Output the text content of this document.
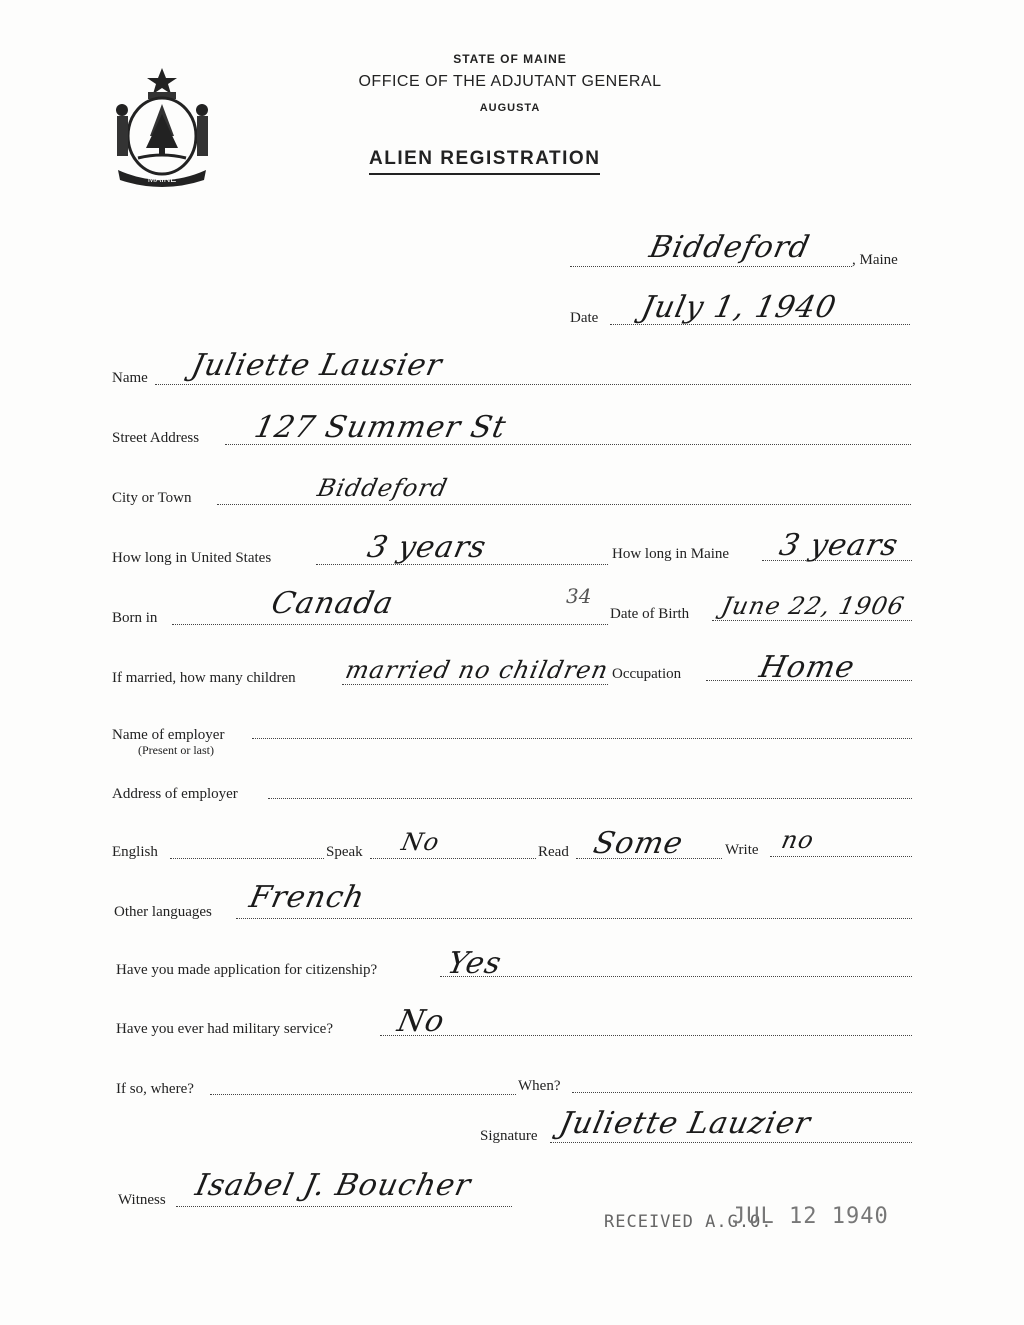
MAINE
STATE OF MAINE
OFFICE OF THE ADJUTANT GENERAL
AUGUSTA
ALIEN REGISTRATION
Biddeford	, Maine
Date July 1, 1940
Name Juliette Lausier
Street Address 127 Summer St
City or Town	Biddeford
How long in United States	3 years	How long in Maine 3 years
Born in	Canada	34
Date of Birth June 22, 1906
If married, how many children married no children Occupation	Home
Name of employer
(Present or last)
Address of employer
English	Speak No	Read Some	Write no
Other languages French
Have you made application for citizenship? Yes
Have you ever had military service? No
If so, where?	When?
Signature Juliette Lauzier
Witness Isabel J. Boucher
RECEIVED A.G.O.
JUL 12 1940
